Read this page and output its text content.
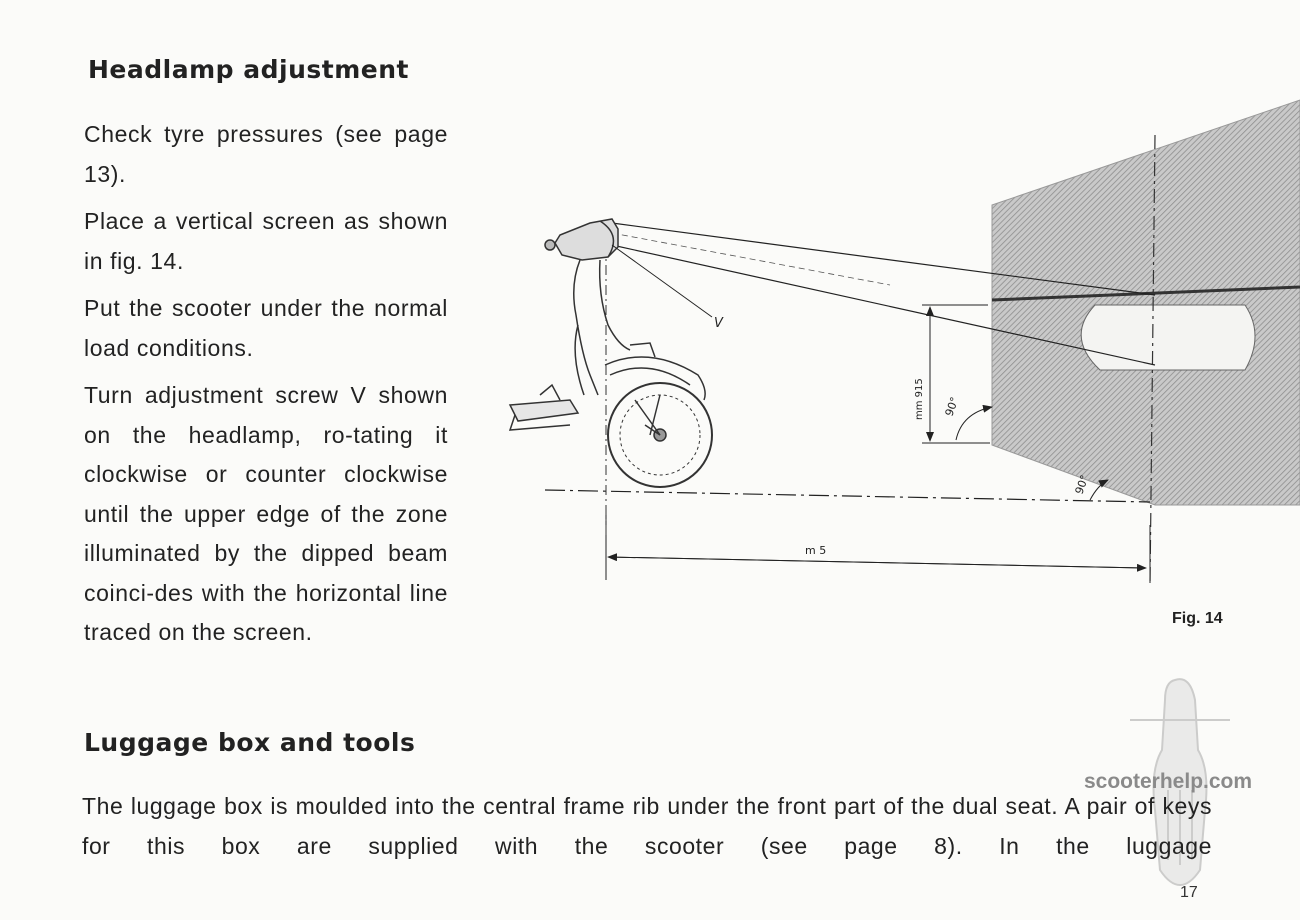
Headlamp adjustment

Check tyre pressures (see page 13).

Place a vertical screen as shown in fig. 14.

Put the scooter under the normal load conditions.

Turn adjustment screw V shown on the headlamp, ro-tating it clockwise or counter clockwise until the upper edge of the zone illuminated by the dipped beam coinci-des with the horizontal line traced on the screen.

mm 915 90°
90°
m 5
V
Fig. 14
scooterhelp.com
Luggage box and tools
The luggage box is moulded into the central frame rib under the front part of the dual seat. A pair of keys for this box are supplied with the scooter (see page 8). In the luggage
17
